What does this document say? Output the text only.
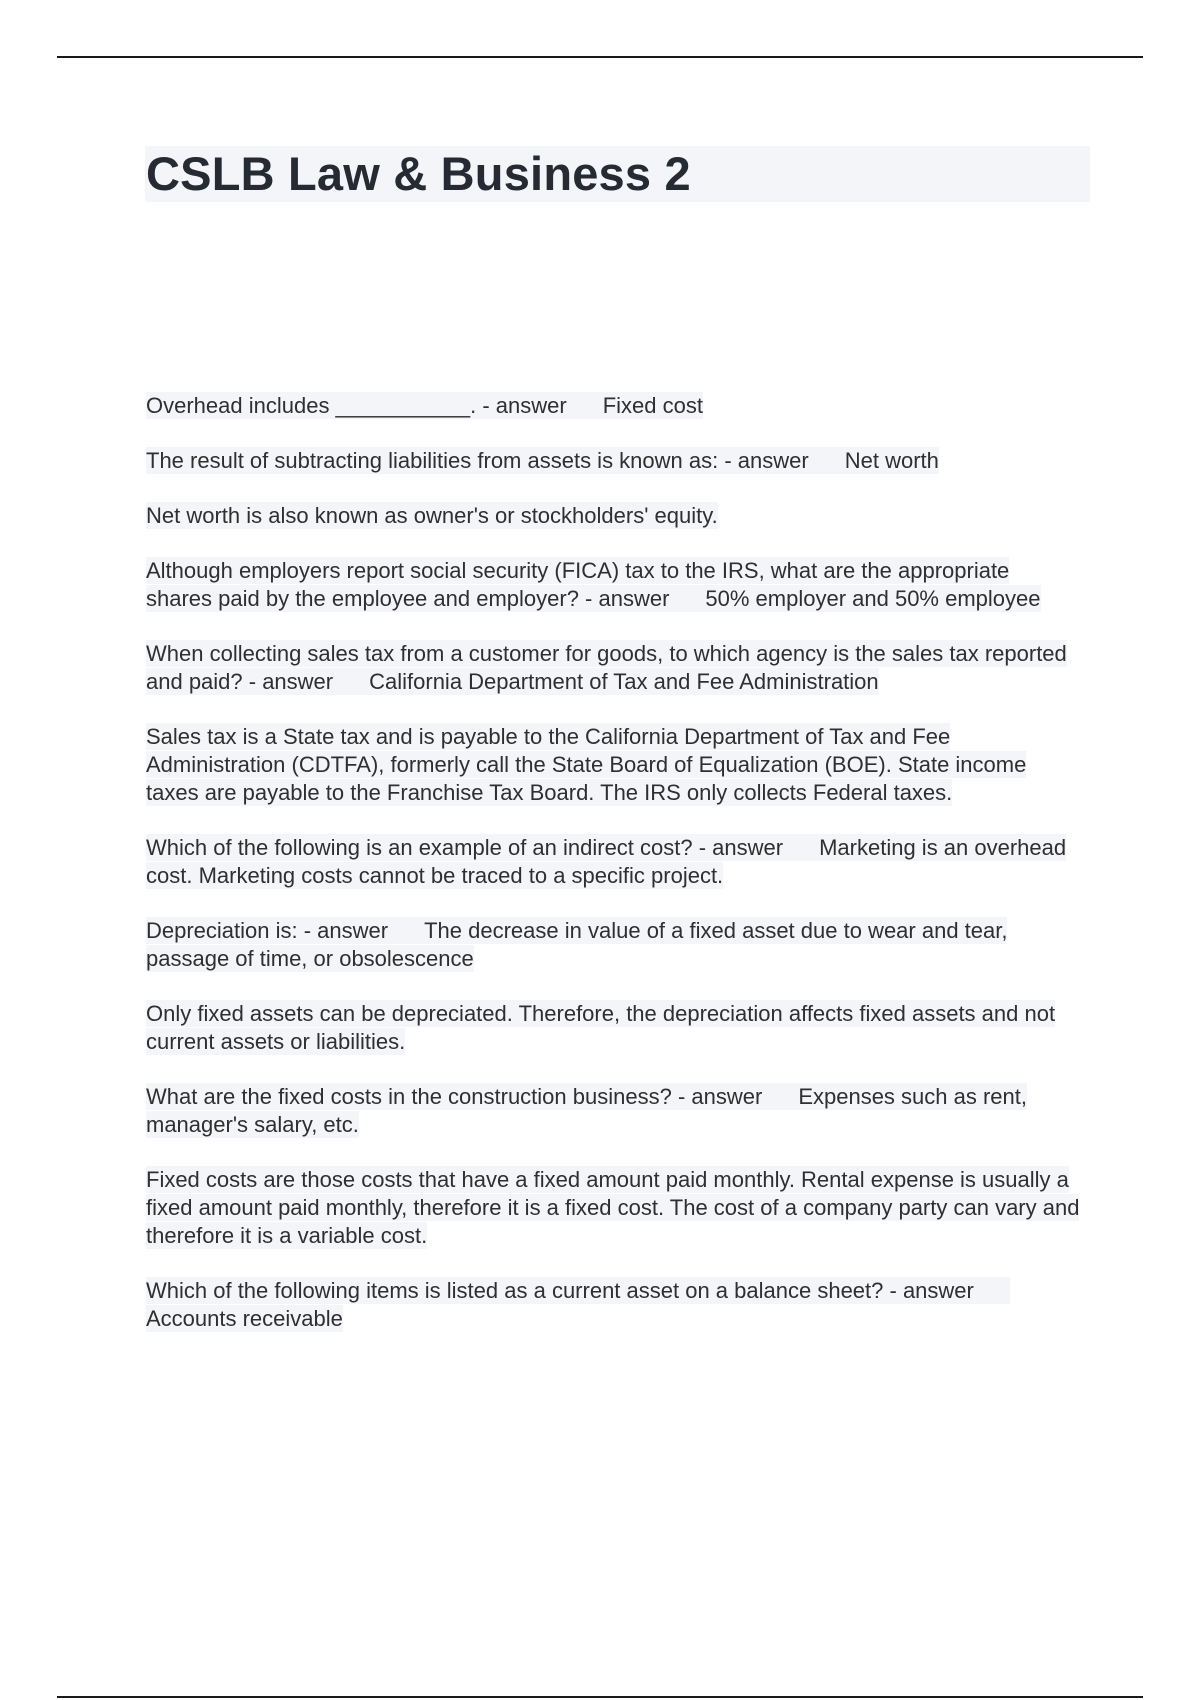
CSLB Law & Business 2

Overhead includes ___________. - answer Fixed cost

The result of subtracting liabilities from assets is known as: - answer Net worth

Net worth is also known as owner's or stockholders' equity.

Although employers report social security (FICA) tax to the IRS, what are the appropriate shares paid by the employee and employer? - answer 50% employer and 50% employee

When collecting sales tax from a customer for goods, to which agency is the sales tax reported and paid? - answer California Department of Tax and Fee Administration

Sales tax is a State tax and is payable to the California Department of Tax and Fee Administration (CDTFA), formerly call the State Board of Equalization (BOE). State income taxes are payable to the Franchise Tax Board. The IRS only collects Federal taxes.

Which of the following is an example of an indirect cost? - answer Marketing is an overhead cost. Marketing costs cannot be traced to a specific project.

Depreciation is: - answer The decrease in value of a fixed asset due to wear and tear, passage of time, or obsolescence

Only fixed assets can be depreciated. Therefore, the depreciation affects fixed assets and not current assets or liabilities.

What are the fixed costs in the construction business? - answer Expenses such as rent, manager's salary, etc.

Fixed costs are those costs that have a fixed amount paid monthly. Rental expense is usually a fixed amount paid monthly, therefore it is a fixed cost. The cost of a company party can vary and therefore it is a variable cost.

Which of the following items is listed as a current asset on a balance sheet? - answerAccounts receivable
